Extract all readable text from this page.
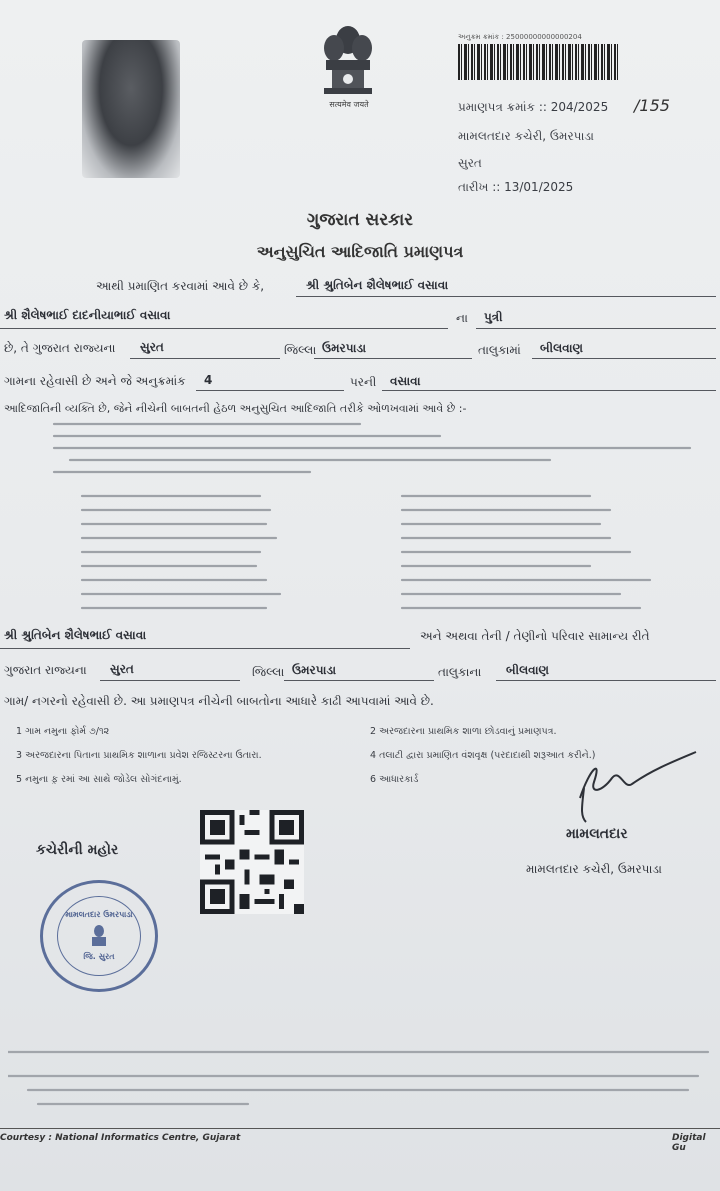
सत्यमेव जयते
અનુક્રમ ક્રમાંક : 25000000000000204
પ્રમાણપત્ર ક્રમાંક :: 204/2025 /155
મામલતદાર કચેરી, ઉમરપાડા
સુરત
તારીખ :: 13/01/2025
ગુજરાત સરકાર
અનુસુચિત આદિજાતિ પ્રમાણપત્ર
આથી પ્રમાણિત કરવામાં આવે છે કે,	શ્રી શ્રુતિબેન શૈલેષભાઈ વસાવા
શ્રી શૈલેષભાઈ દાદનીયાભાઈ વસાવા	ના પુત્રી
છે, તે ગુજરાત રાજ્યના સુરત	જિલ્લા ઉમરપાડા	તાલુકામાં બીલવાણ
ગામના રહેવાસી છે અને જે અનુક્રમાંક 4	પરની વસાવા
આદિજાતિની વ્યક્તિ છે, જેને નીચેની બાબતની હેઠળ અનુસુચિત આદિજાતિ તરીકે ઓળખવામાં આવે છે :-
શ્રી શ્રુતિબેન શૈલેષભાઈ વસાવા	અને અથવા તેની / તેણીનો પરિવાર સામાન્ય રીતે
ગુજરાત રાજ્યના સુરત	જિલ્લા ઉમરપાડા	તાલુકાના બીલવાણ
ગામ/ નગરનો રહેવાસી છે. આ પ્રમાણપત્ર નીચેની બાબતોના આધારે કાઢી આપવામાં આવે છે.
1 ગામ નમુના ફોર્મ ૭/૧૨	2 અરજદારના પ્રાથમિક શાળા છોડવાનું પ્રમાણપત્ર.
3 અરજદારના પિતાના પ્રાથમિક શાળાના પ્રવેશ રજિસ્ટરના ઉતારા.	4 તલાટી દ્વારા પ્રમાણિત વંશવૃક્ષ (પરદાદાથી શરૂઆત કરીને.)
5 નમુના ફ઼ રમાં આ સાથે જોડેલ સોગંદનામું.	6 આધારકાર્ડ
મામલતદાર
મામલતદાર કચેરી, ઉમરપાડા
કચેરીની મહોર
મામલતદાર ઉમરપાડા
જિ. સુરત
Courtesy : National Informatics Centre, Gujarat	Digital Gu
